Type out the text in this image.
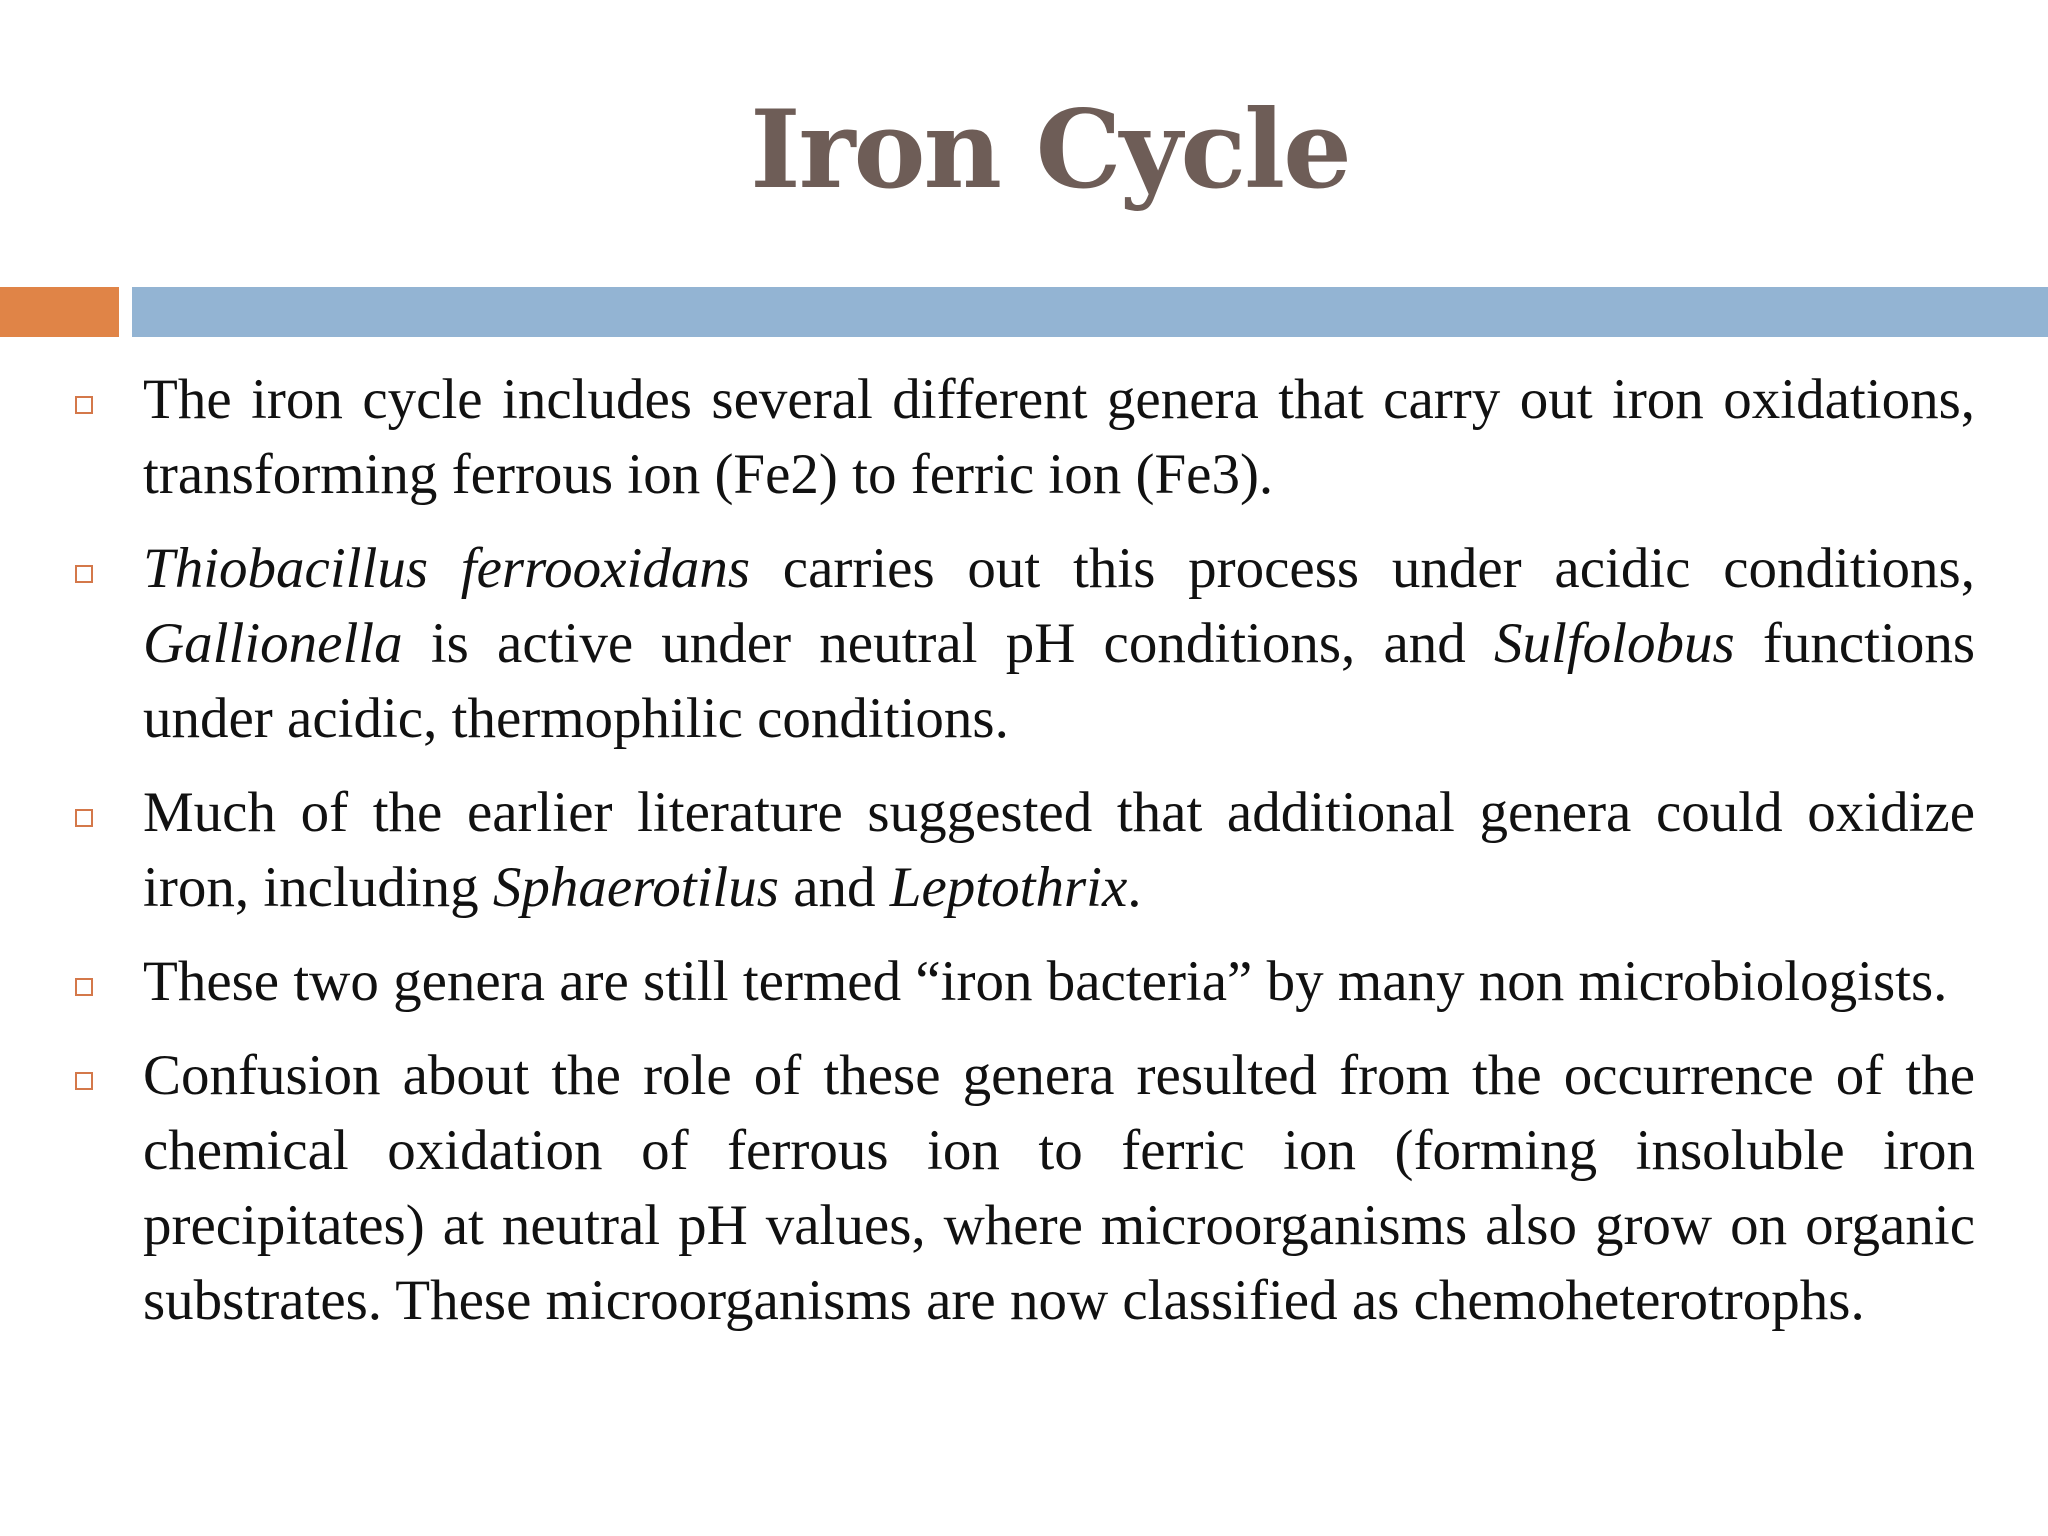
Iron Cycle

The iron cycle includes several different genera that carry out iron oxidations, transforming ferrous ion (Fe2) to ferric ion (Fe3).

Thiobacillus ferrooxidans carries out this process under acidic conditions, Gallionella is active under neutral pH conditions, and Sulfolobus functions under acidic, thermophilic conditions.

Much of the earlier literature suggested that additional genera could oxidize iron, including Sphaerotilus and Leptothrix.

These two genera are still termed “iron bacteria” by many non microbiologists.

Confusion about the role of these genera resulted from the occurrence of the chemical oxidation of ferrous ion to ferric ion (forming insoluble iron precipitates) at neutral pH values, where microorganisms also grow on organic substrates. These microorganisms are now classified as chemoheterotrophs.
